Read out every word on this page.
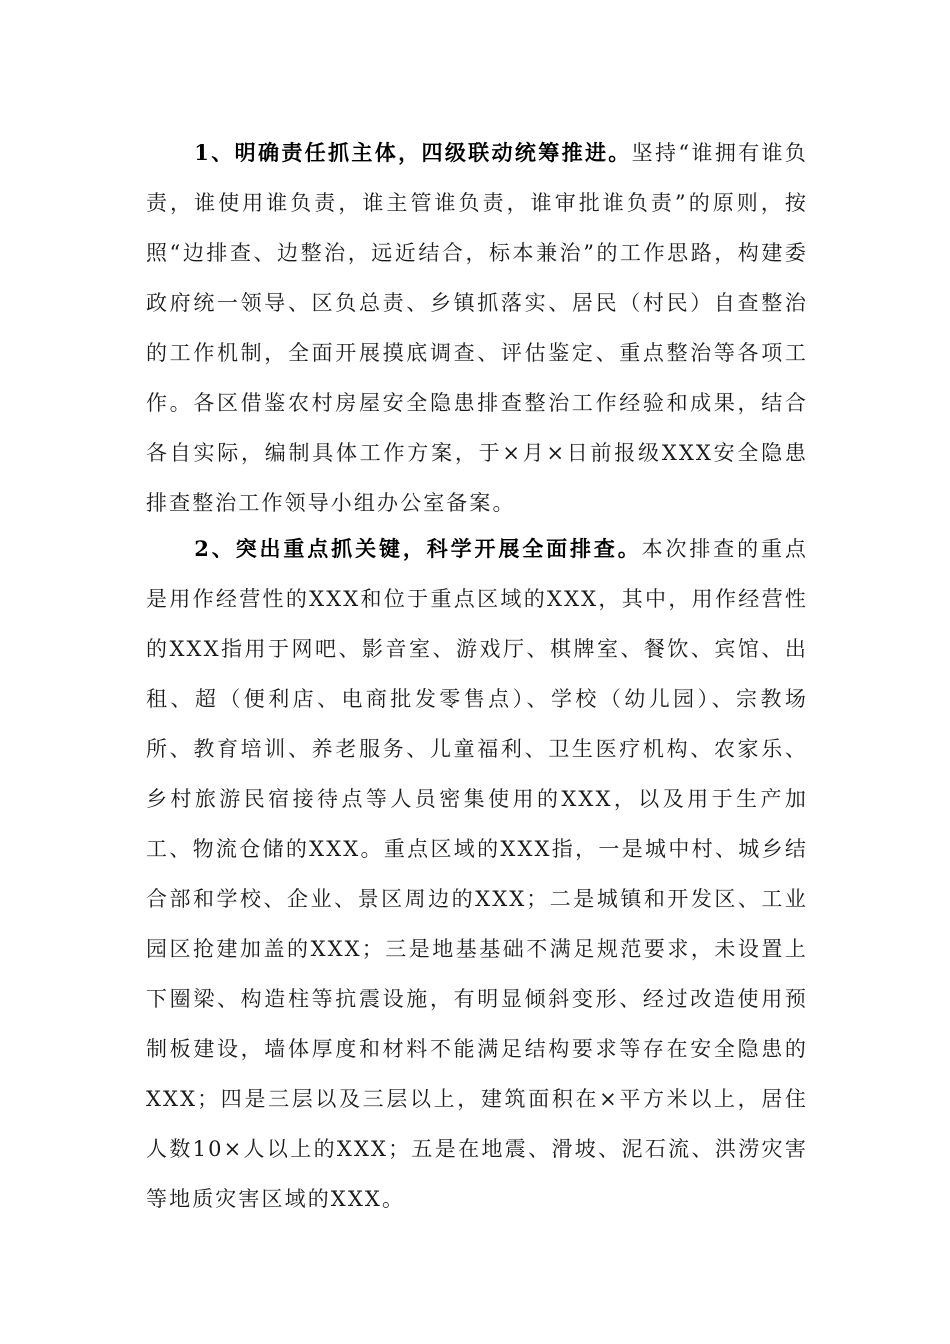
1、明确责任抓主体，四级联动统筹推进。坚持“谁拥有谁负责，谁使用谁负责，谁主管谁负责，谁审批谁负责”的原则，按照“边排查、边整治，远近结合，标本兼治”的工作思路，构建委政府统一领导、区负总责、乡镇抓落实、居民（村民）自查整治的工作机制，全面开展摸底调查、评估鉴定、重点整治等各项工作。各区借鉴农村房屋安全隐患排查整治工作经验和成果，结合各自实际，编制具体工作方案，于×月×日前报级XXX安全隐患排查整治工作领导小组办公室备案。

2、突出重点抓关键，科学开展全面排查。本次排查的重点是用作经营性的XXX和位于重点区域的XXX，其中，用作经营性的XXX指用于网吧、影音室、游戏厅、棋牌室、餐饮、宾馆、出租、超（便利店、电商批发零售点）、学校（幼儿园）、宗教场所、教育培训、养老服务、儿童福利、卫生医疗机构、农家乐、乡村旅游民宿接待点等人员密集使用的XXX，以及用于生产加工、物流仓储的XXX。重点区域的XXX指，一是城中村、城乡结合部和学校、企业、景区周边的XXX；二是城镇和开发区、工业园区抢建加盖的XXX；三是地基基础不满足规范要求，未设置上下圈梁、构造柱等抗震设施，有明显倾斜变形、经过改造使用预制板建设，墙体厚度和材料不能满足结构要求等存在安全隐患的XXX；四是三层以及三层以上，建筑面积在×平方米以上，居住人数10×人以上的XXX；五是在地震、滑坡、泥石流、洪涝灾害等地质灾害区域的XXX。
